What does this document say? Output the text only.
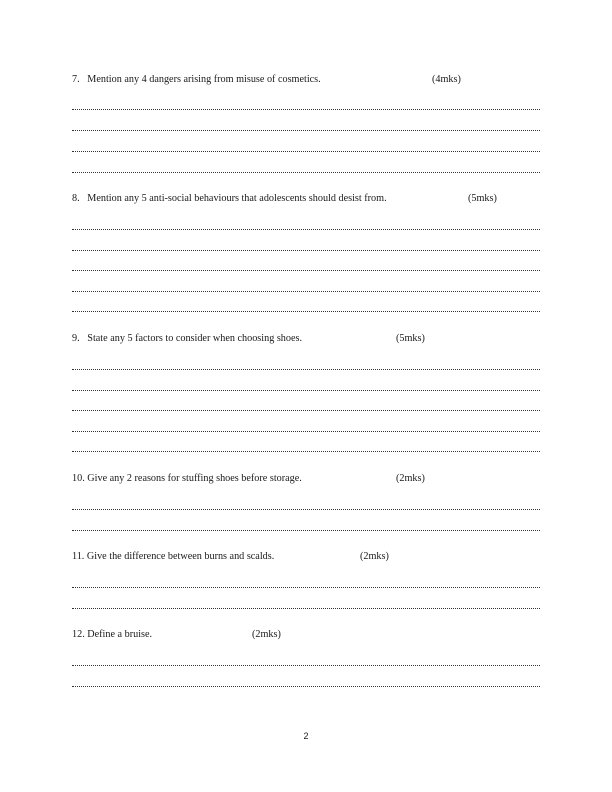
7.   Mention any 4 dangers arising from misuse of cosmetics.	(4mks)
8.   Mention any 5 anti-social behaviours that adolescents should desist from.	(5mks)
9.   State any 5 factors to consider when choosing shoes.	(5mks)
10. Give any 2 reasons for stuffing shoes before storage.	(2mks)
11. Give the difference between burns and scalds.	(2mks)
12. Define a bruise.	(2mks)
2
